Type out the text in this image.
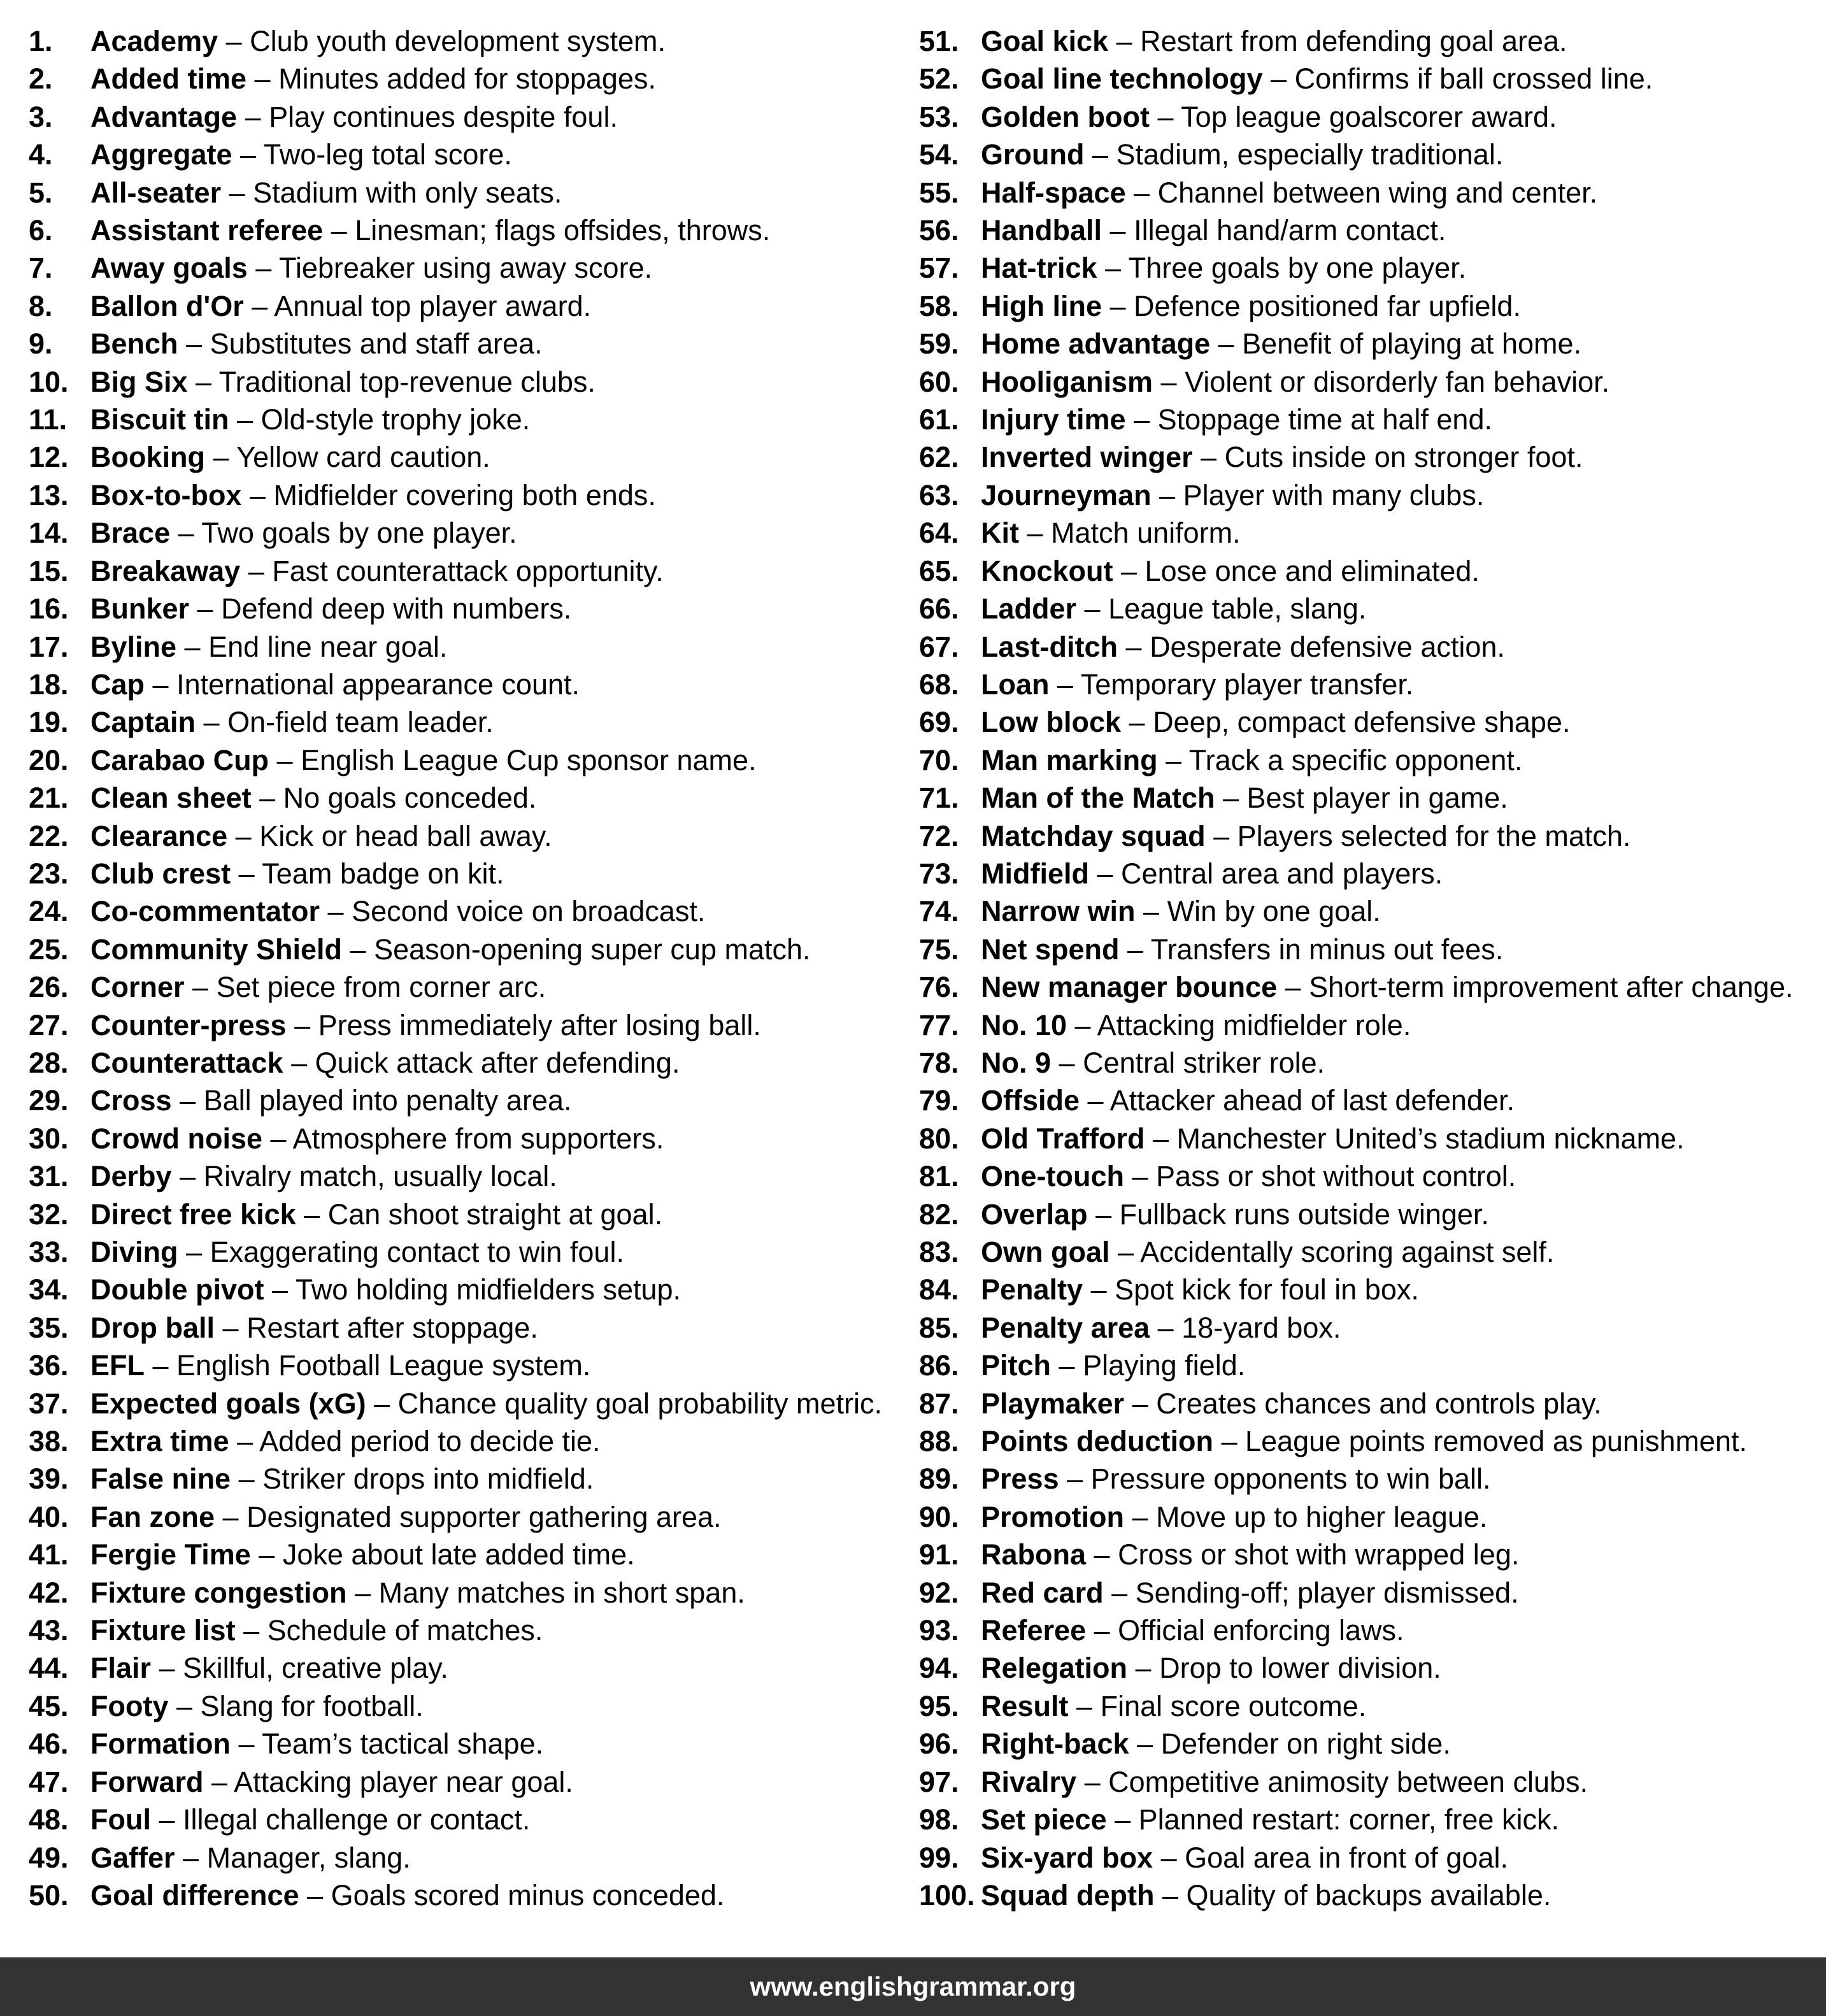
1.	Academy – Club youth development system.
2.	Added time – Minutes added for stoppages.
3.	Advantage – Play continues despite foul.
4.	Aggregate – Two-leg total score.
5.	All-seater – Stadium with only seats.
6.	Assistant referee – Linesman; flags offsides, throws.
7.	Away goals – Tiebreaker using away score.
8.	Ballon d'Or – Annual top player award.
9.	Bench – Substitutes and staff area.
10. Big Six – Traditional top-revenue clubs.
11. Biscuit tin – Old-style trophy joke.
12. Booking – Yellow card caution.
13. Box-to-box – Midfielder covering both ends.
14. Brace – Two goals by one player.
15. Breakaway – Fast counterattack opportunity.
16. Bunker – Defend deep with numbers.
17. Byline – End line near goal.
18. Cap – International appearance count.
19. Captain – On-field team leader.
20. Carabao Cup – English League Cup sponsor name.
21. Clean sheet – No goals conceded.
22. Clearance – Kick or head ball away.
23. Club crest – Team badge on kit.
24. Co-commentator – Second voice on broadcast.
25. Community Shield – Season-opening super cup match.
26. Corner – Set piece from corner arc.
27. Counter-press – Press immediately after losing ball.
28. Counterattack – Quick attack after defending.
29. Cross – Ball played into penalty area.
30. Crowd noise – Atmosphere from supporters.
31. Derby – Rivalry match, usually local.
32. Direct free kick – Can shoot straight at goal.
33. Diving – Exaggerating contact to win foul.
34. Double pivot – Two holding midfielders setup.
35. Drop ball – Restart after stoppage.
36. EFL – English Football League system.
37. Expected goals (xG) – Chance quality goal probability metric.
38. Extra time – Added period to decide tie.
39. False nine – Striker drops into midfield.
40. Fan zone – Designated supporter gathering area.
41. Fergie Time – Joke about late added time.
42. Fixture congestion – Many matches in short span.
43. Fixture list – Schedule of matches.
44. Flair – Skillful, creative play.
45. Footy – Slang for football.
46. Formation – Team’s tactical shape.
47. Forward – Attacking player near goal.
48. Foul – Illegal challenge or contact.
49. Gaffer – Manager, slang.
50. Goal difference – Goals scored minus conceded.
51. Goal kick – Restart from defending goal area.
52. Goal line technology – Confirms if ball crossed line.
53. Golden boot – Top league goalscorer award.
54. Ground – Stadium, especially traditional.
55. Half-space – Channel between wing and center.
56. Handball – Illegal hand/arm contact.
57. Hat-trick – Three goals by one player.
58. High line – Defence positioned far upfield.
59. Home advantage – Benefit of playing at home.
60. Hooliganism – Violent or disorderly fan behavior.
61. Injury time – Stoppage time at half end.
62. Inverted winger – Cuts inside on stronger foot.
63. Journeyman – Player with many clubs.
64. Kit – Match uniform.
65. Knockout – Lose once and eliminated.
66. Ladder – League table, slang.
67. Last-ditch – Desperate defensive action.
68. Loan – Temporary player transfer.
69. Low block – Deep, compact defensive shape.
70. Man marking – Track a specific opponent.
71. Man of the Match – Best player in game.
72. Matchday squad – Players selected for the match.
73. Midfield – Central area and players.
74. Narrow win – Win by one goal.
75. Net spend – Transfers in minus out fees.
76. New manager bounce – Short-term improvement after change.
77. No. 10 – Attacking midfielder role.
78. No. 9 – Central striker role.
79. Offside – Attacker ahead of last defender.
80. Old Trafford – Manchester United’s stadium nickname.
81. One-touch – Pass or shot without control.
82. Overlap – Fullback runs outside winger.
83. Own goal – Accidentally scoring against self.
84. Penalty – Spot kick for foul in box.
85. Penalty area – 18-yard box.
86. Pitch – Playing field.
87. Playmaker – Creates chances and controls play.
88. Points deduction – League points removed as punishment.
89. Press – Pressure opponents to win ball.
90. Promotion – Move up to higher league.
91. Rabona – Cross or shot with wrapped leg.
92. Red card – Sending-off; player dismissed.
93. Referee – Official enforcing laws.
94. Relegation – Drop to lower division.
95. Result – Final score outcome.
96. Right-back – Defender on right side.
97. Rivalry – Competitive animosity between clubs.
98. Set piece – Planned restart: corner, free kick.
99. Six-yard box – Goal area in front of goal.
100. Squad depth – Quality of backups available.
www.englishgrammar.org
